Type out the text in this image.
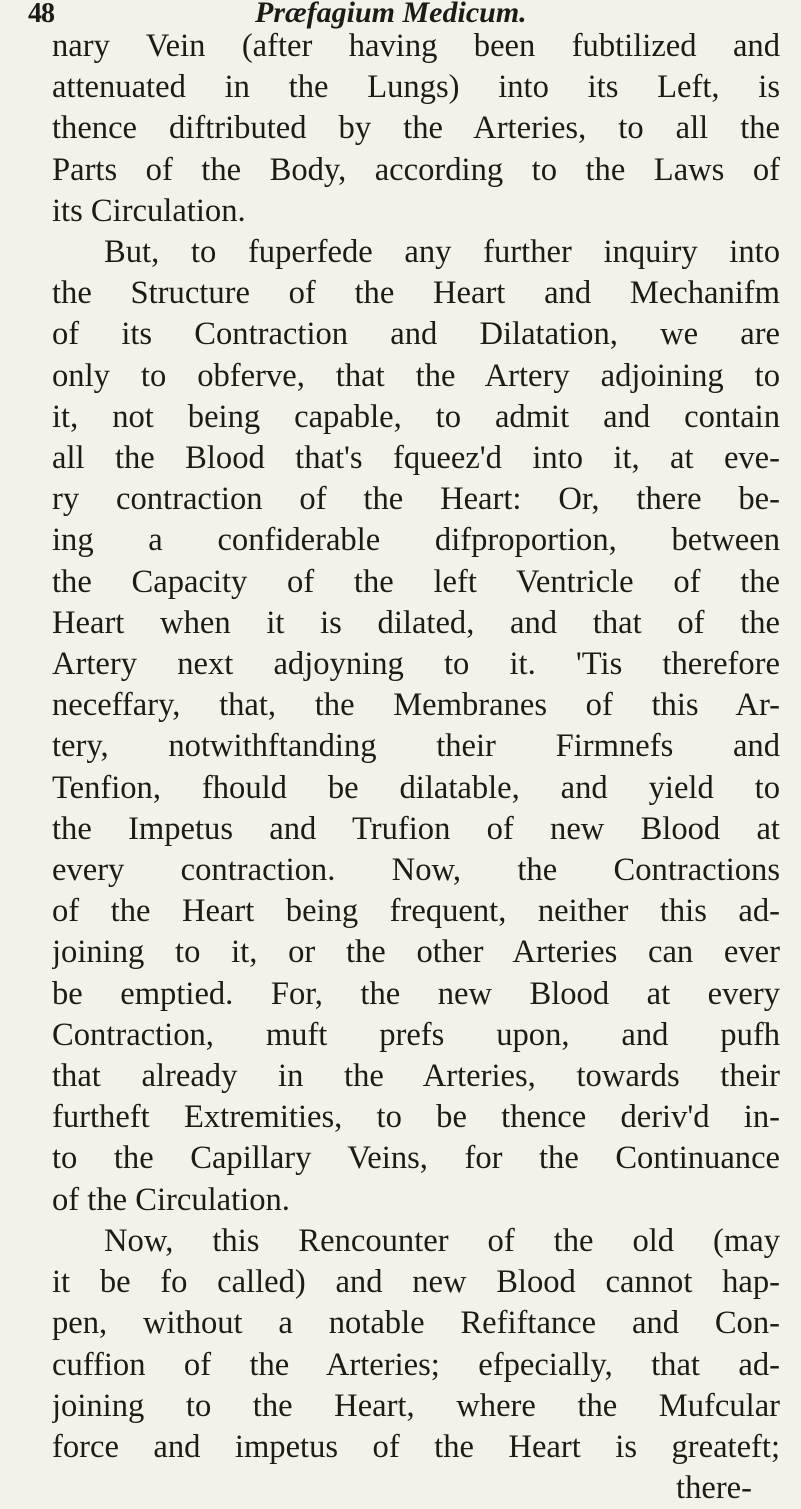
48	Præfagium Medicum.
nary Vein (after having been fubtilized and
attenuated in the Lungs) into its Left, is
thence diftributed by the Arteries, to all the
Parts of the Body, according to the Laws of
its Circulation.
But, to fuperfede any further inquiry into
the Structure of the Heart and Mechanifm
of its Contraction and Dilatation, we are
only to obferve, that the Artery adjoining to
it, not being capable, to admit and contain
all the Blood that's fqueez'd into it, at eve-
ry contraction of the Heart: Or, there be-
ing a confiderable difproportion, between
the Capacity of the left Ventricle of the
Heart when it is dilated, and that of the
Artery next adjoyning to it. 'Tis therefore
neceffary, that, the Membranes of this Ar-
tery, notwithftanding their Firmnefs and
Tenfion, fhould be dilatable, and yield to
the Impetus and Trufion of new Blood at
every contraction. Now, the Contractions
of the Heart being frequent, neither this ad-
joining to it, or the other Arteries can ever
be emptied. For, the new Blood at every
Contraction, muft prefs upon, and pufh
that already in the Arteries, towards their
furtheft Extremities, to be thence deriv'd in-
to the Capillary Veins, for the Continuance
of the Circulation.
Now, this Rencounter of the old (may
it be fo called) and new Blood cannot hap-
pen, without a notable Refiftance and Con-
cuffion of the Arteries; efpecially, that ad-
joining to the Heart, where the Mufcular
force and impetus of the Heart is greateft;
there-
